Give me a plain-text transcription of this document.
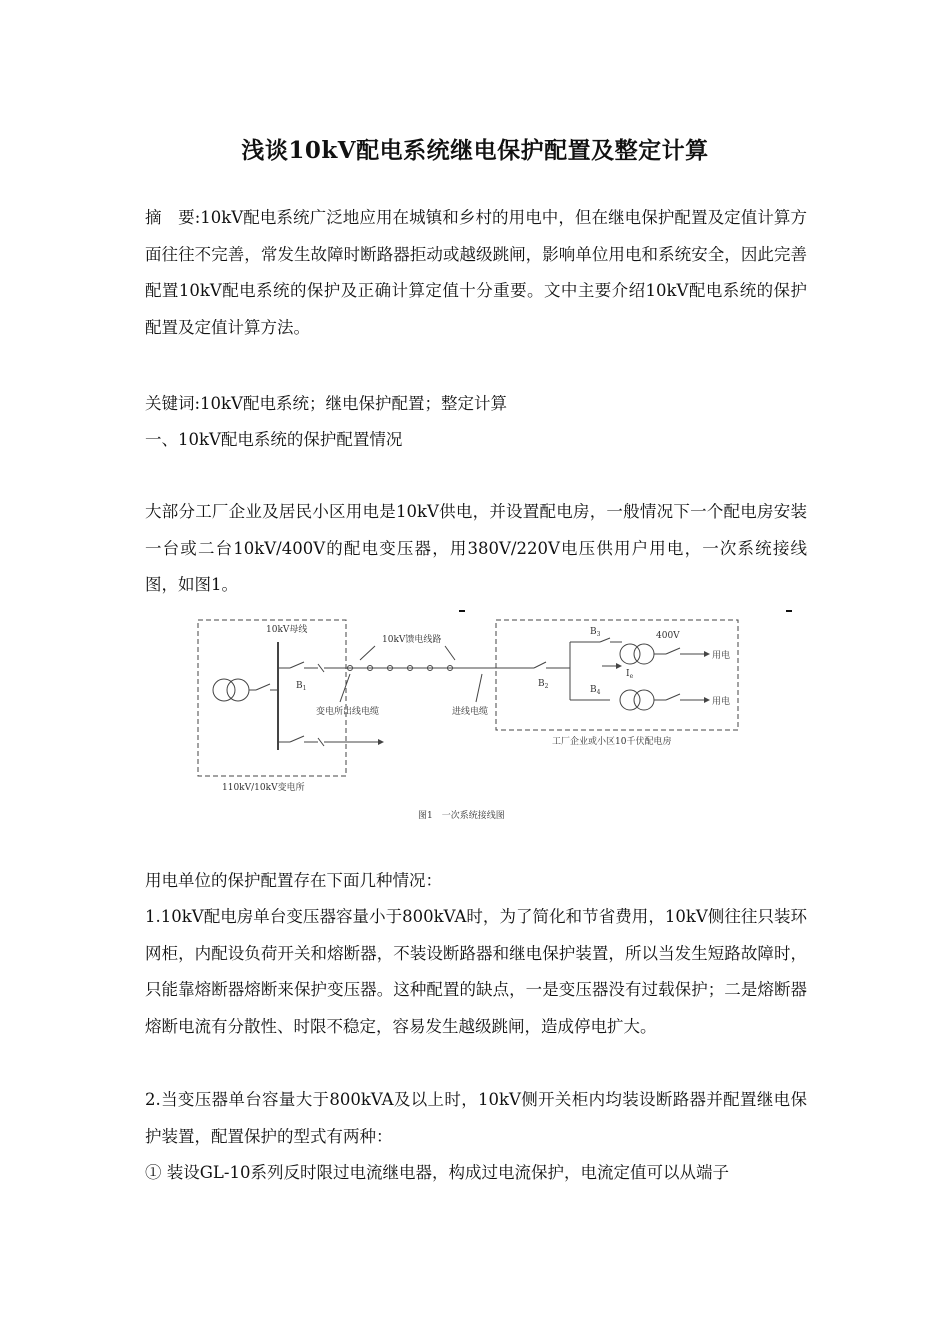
浅谈10kV配电系统继电保护配置及整定计算

摘　要:10kV配电系统广泛地应用在城镇和乡村的用电中，但在继电保护配置及定值计算方面往往不完善，常发生故障时断路器拒动或越级跳闸，影响单位用电和系统安全，因此完善配置10kV配电系统的保护及正确计算定值十分重要。文中主要介绍10kV配电系统的保护配置及定值计算方法。

关键词:10kV配电系统；继电保护配置；整定计算

一、10kV配电系统的保护配置情况

大部分工厂企业及居民小区用电是10kV供电，并设置配电房，一般情况下一个配电房安装一台或二台10kV/400V的配电变压器，用380V/220V电压供用户用电，一次系统接线图，如图1。

10kV母线
10kV馈电线路	400V
$B_1$	$B_2$
$B_3$
$B_4$
$I_e$
用电
用电
变电所出线电缆	进线电缆
110kV/10kV变电所
工厂企业或小区10千伏配电房
图1　一次系统接线图

用电单位的保护配置存在下面几种情况：

1.10kV配电房单台变压器容量小于800kVA时，为了简化和节省费用，10kV侧往往只装环网柜，内配设负荷开关和熔断器，不装设断路器和继电保护装置，所以当发生短路故障时，只能靠熔断器熔断来保护变压器。这种配置的缺点，一是变压器没有过载保护；二是熔断器熔断电流有分散性、时限不稳定，容易发生越级跳闸，造成停电扩大。

2.当变压器单台容量大于800kVA及以上时，10kV侧开关柜内均装设断路器并配置继电保护装置，配置保护的型式有两种：

① 装设GL-10系列反时限过电流继电器，构成过电流保护，电流定值可以从端子
